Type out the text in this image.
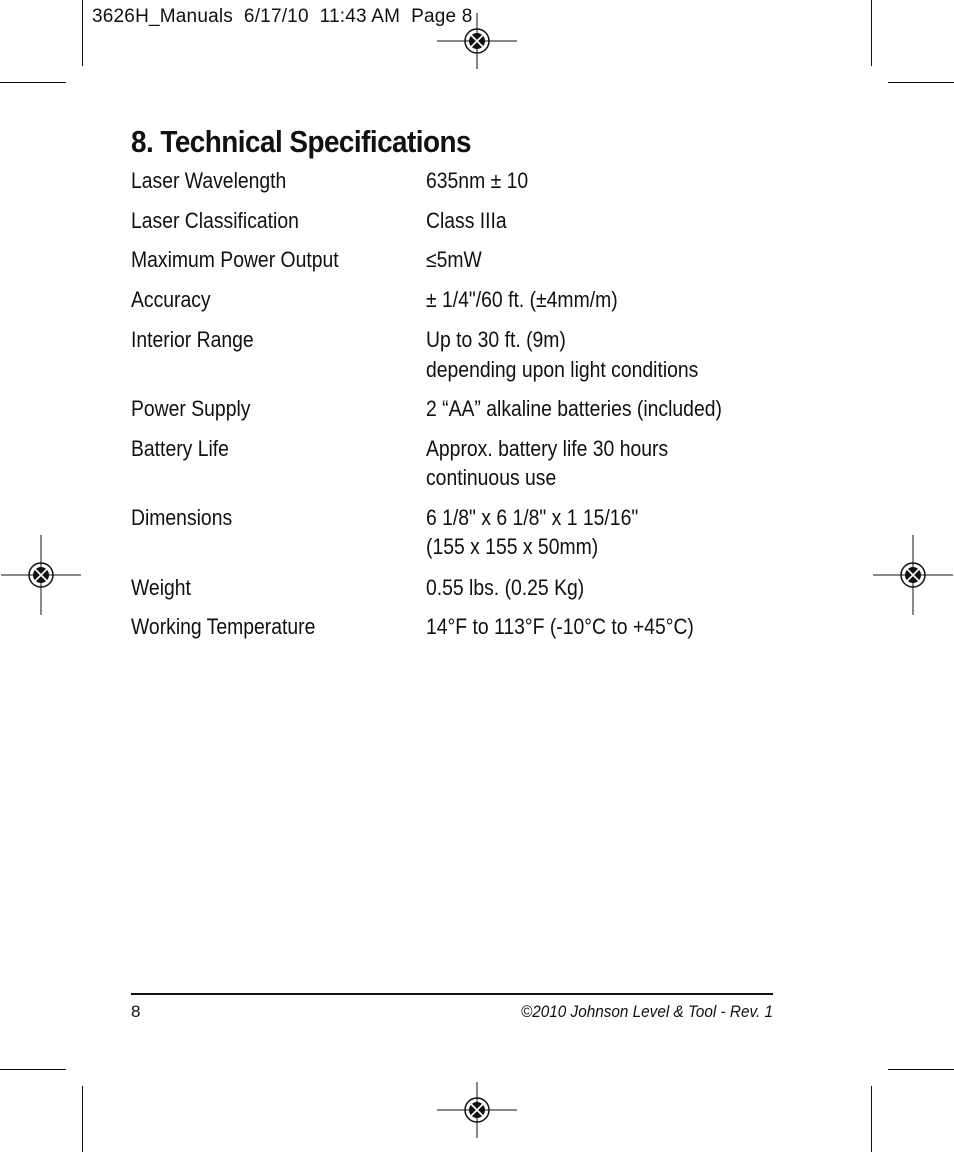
3626H_Manuals  6/17/10  11:43 AM  Page 8
8. Technical Specifications
Laser Wavelength	635nm ± 10
Laser Classification	Class IIIa
Maximum Power Output	≤5mW
Accuracy	± 1/4"/60 ft. (±4mm/m)
Interior Range	Up to 30 ft. (9m)
depending upon light conditions
Power Supply	2 “AA” alkaline batteries (included)
Battery Life	Approx. battery life 30 hours
continuous use
Dimensions	6 1/8" x 6 1/8" x 1 15/16"
(155 x 155 x 50mm)
Weight	0.55 lbs. (0.25 Kg)
Working Temperature	14°F to 113°F (-10°C to +45°C)
8	©2010 Johnson Level & Tool - Rev. 1
